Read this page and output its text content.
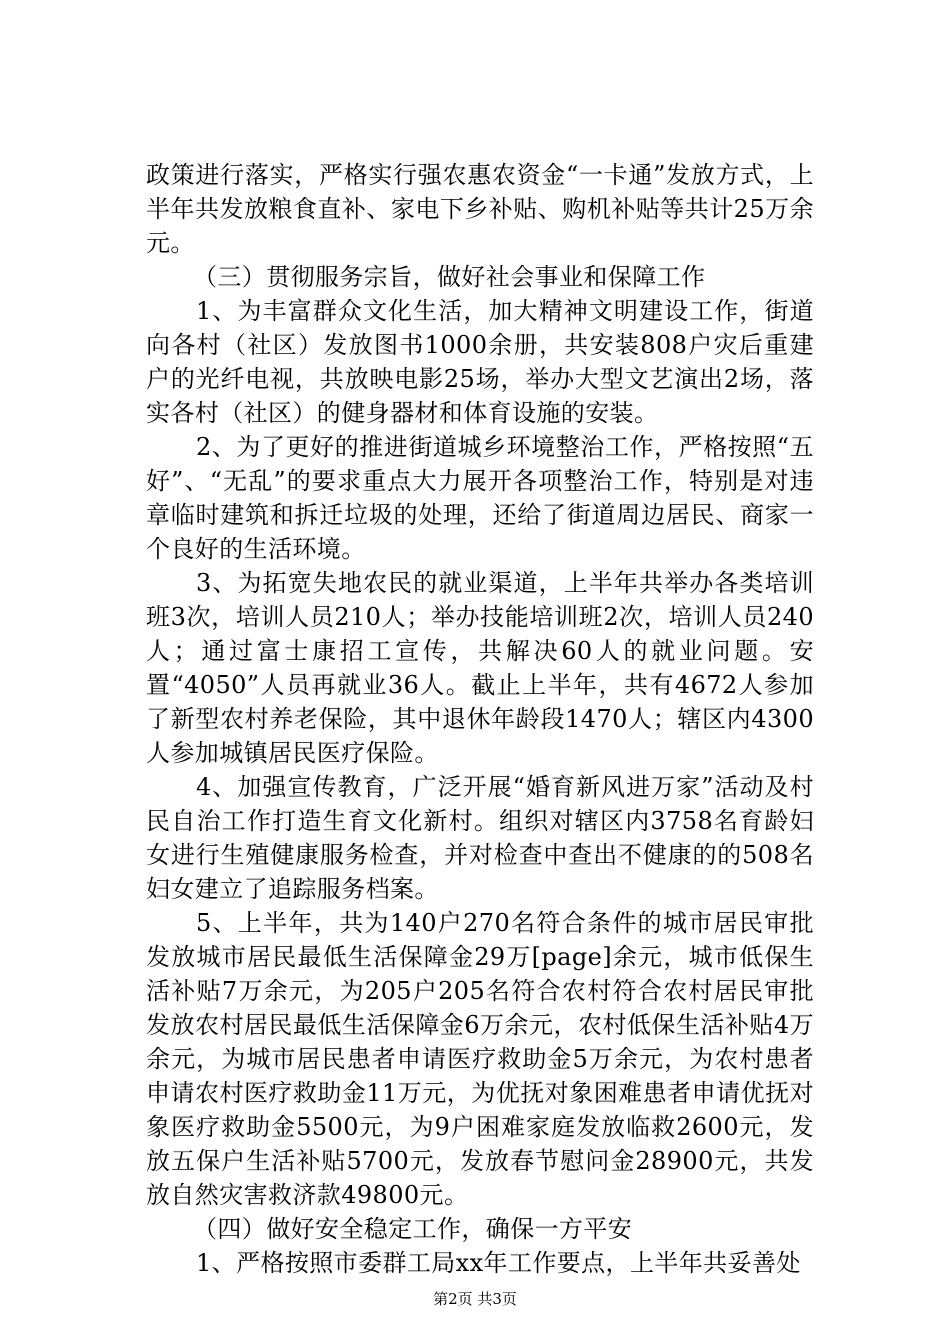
政策进行落实，严格实行强农惠农资金“一卡通”发放方式，上半年共发放粮食直补、家电下乡补贴、购机补贴等共计25万余元。

（三）贯彻服务宗旨，做好社会事业和保障工作

1、为丰富群众文化生活，加大精神文明建设工作，街道向各村（社区）发放图书1000余册，共安装808户灾后重建户的光纤电视，共放映电影25场，举办大型文艺演出2场，落实各村（社区）的健身器材和体育设施的安装。

2、为了更好的推进街道城乡环境整治工作，严格按照“五好”、“无乱”的要求重点大力展开各项整治工作，特别是对违章临时建筑和拆迁垃圾的处理，还给了街道周边居民、商家一个良好的生活环境。

3、为拓宽失地农民的就业渠道，上半年共举办各类培训班3次，培训人员210人；举办技能培训班2次，培训人员240人；通过富士康招工宣传，共解决60人的就业问题。安置“4050”人员再就业36人。截止上半年，共有4672人参加了新型农村养老保险，其中退休年龄段1470人；辖区内4300人参加城镇居民医疗保险。

4、加强宣传教育，广泛开展“婚育新风进万家”活动及村民自治工作打造生育文化新村。组织对辖区内3758名育龄妇女进行生殖健康服务检查，并对检查中查出不健康的的508名妇女建立了追踪服务档案。

5、上半年，共为140户270名符合条件的城市居民审批发放城市居民最低生活保障金29万[page]余元，城市低保生活补贴7万余元，为205户205名符合农村符合农村居民审批发放农村居民最低生活保障金6万余元，农村低保生活补贴4万余元，为城市居民患者申请医疗救助金5万余元，为农村患者申请农村医疗救助金11万元，为优抚对象困难患者申请优抚对象医疗救助金5500元，为9户困难家庭发放临救2600元，发放五保户生活补贴5700元，发放春节慰问金28900元，共发放自然灾害救济款49800元。

（四）做好安全稳定工作，确保一方平安

1、严格按照市委群工局xx年工作要点，上半年共妥善处

第2页 共3页
